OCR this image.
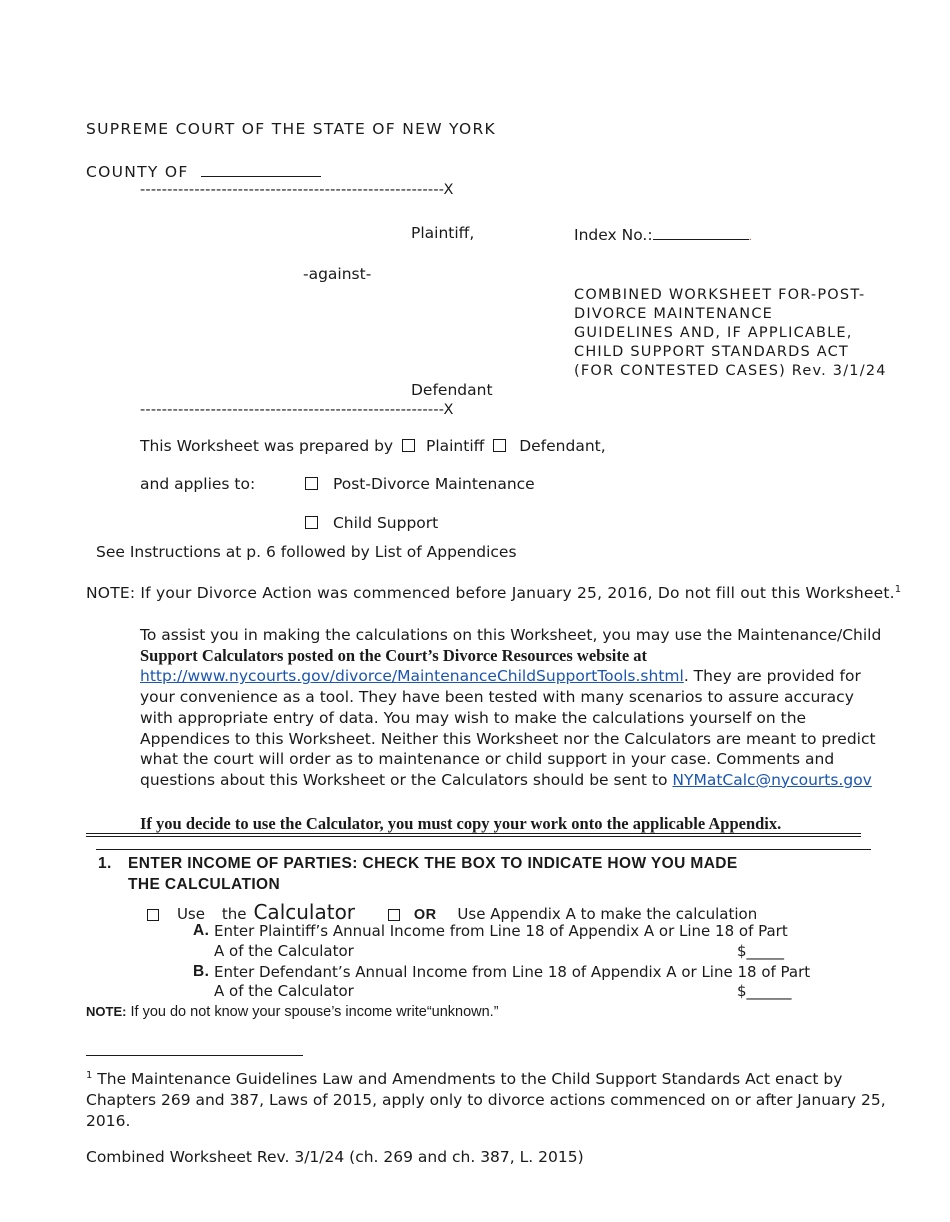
SUPREME COURT OF THE STATE OF NEW YORK
COUNTY OF
--------------------------------------------------------X
Plaintiff,	Index No.:	.
-against-
COMBINED WORKSHEET FOR-POST-
DIVORCE MAINTENANCE
GUIDELINES AND, IF APPLICABLE,
CHILD SUPPORT STANDARDS ACT
(FOR CONTESTED CASES) Rev. 3/1/24
Defendant
--------------------------------------------------------X
This Worksheet was prepared by Plaintiff Defendant,
and applies to:	Post-Divorce Maintenance
Child Support
See Instructions at p. 6 followed by List of Appendices
NOTE: If your Divorce Action was commenced before January 25, 2016, Do not fill out this Worksheet.$^1$
To assist you in making the calculations on this Worksheet, you may use the Maintenance/Child Support Calculators posted on the Court’s Divorce Resources website at
http://www.nycourts.gov/divorce/MaintenanceChildSupportTools.shtml. They are provided for your convenience as a tool. They have been tested with many scenarios to assure accuracy with appropriate entry of data. You may wish to make the calculations yourself on the Appendices to this Worksheet. Neither this Worksheet nor the Calculators are meant to predict what the court will order as to maintenance or child support in your case. Comments and questions about this Worksheet or the Calculators should be sent to NYMatCalc@nycourts.gov
If you decide to use the Calculator, you must copy your work onto the applicable Appendix.
1. ENTER INCOME OF PARTIES: CHECK THE BOX TO INDICATE HOW YOU MADE
THE CALCULATION
Use the Calculator	OR Use Appendix A to make the calculation
A. Enter Plaintiff’s Annual Income from Line 18 of Appendix A or Line 18 of Part
A of the Calculator	$_____
B. Enter Defendant’s Annual Income from Line 18 of Appendix A or Line 18 of Part
A of the Calculator	$______
NOTE: If you do not know your spouse’s income write“unknown.”
$^1$ The Maintenance Guidelines Law and Amendments to the Child Support Standards Act enact by Chapters 269 and 387, Laws of 2015, apply only to divorce actions commenced on or after January 25, 2016.
Combined Worksheet Rev. 3/1/24 (ch. 269 and ch. 387, L. 2015)
